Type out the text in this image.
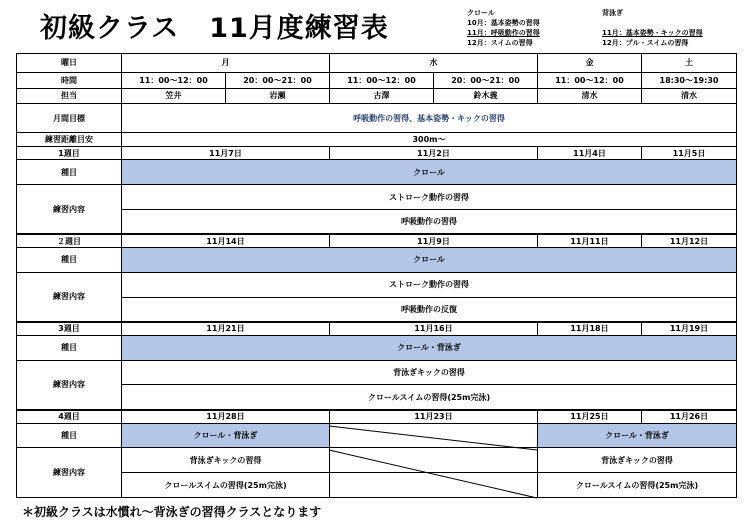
初級クラス 11月度練習表	クロール
10月：基本姿勢の習得
11月：呼吸動作の習得
12月：スイムの習得
背泳ぎ
11月：基本姿勢・キックの習得
12月：プル・スイムの習得
曜日	月		水		金	土
時間	11：00～12：00	20：00～21：00	11：00～12：00	20：00～21：00	11：00～12：00	18:30～19:30
担当	笠井	岩瀬	古澤	鈴木義	清水	清水
月間目標	呼吸動作の習得、基本姿勢・キックの習得					
練習距離目安	300m～					
1週目	11月7日		11月2日		11月4日	11月5日
種目	クロール					
練習内容	ストローク動作の習得					
	呼吸動作の習得					
２週目	11月14日		11月9日		11月11日	11月12日
種目	クロール					
練習内容	ストローク動作の習得					
	呼吸動作の反復					
3週目	11月21日		11月16日		11月18日	11月19日
種目	クロール・背泳ぎ					
練習内容	背泳ぎキックの習得					
	クロールスイムの習得(25m完泳)					
4週目	11月28日		11月23日		11月25日	11月26日
種目	クロール・背泳ぎ				クロール・背泳ぎ	
練習内容	背泳ぎキックの習得				背泳ぎキックの習得	
	クロールスイムの習得(25m完泳)				クロールスイムの習得(25m完泳)	
＊初級クラスは水慣れ～背泳ぎの習得クラスとなります
